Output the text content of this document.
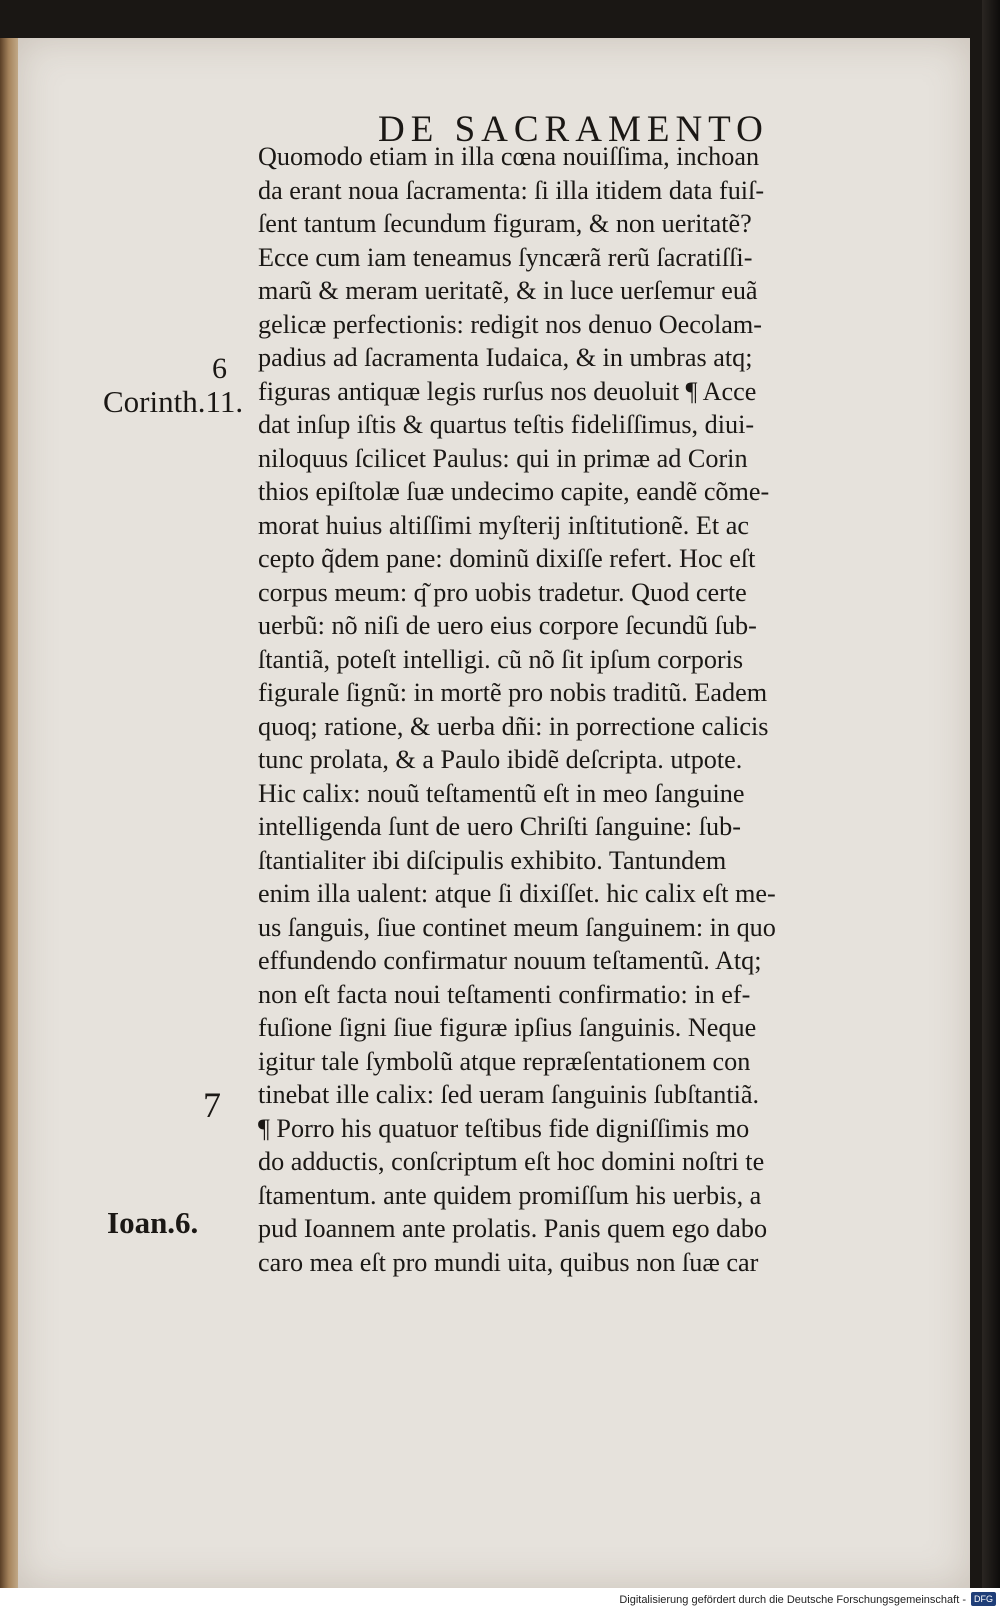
DE SACRAMENTO
Quomodo etiam in illa cœna nouiſſima, inchoan
da erant noua ſacramenta: ſi illa itidem data fuiſ-
ſent tantum ſecundum figuram, & non ueritatẽ?
Ecce cum iam teneamus ſyncærã rerũ ſacratiſſi-
marũ & meram ueritatẽ, & in luce uerſemur euã
gelicæ perfectionis: redigit nos denuo Oecolam-
padius ad ſacramenta Iudaica, & in umbras atq;
figuras antiquæ legis rurſus nos deuoluit ¶ Acce
dat inſup iſtis & quartus teſtis fideliſſimus, diui-
niloquus ſcilicet Paulus: qui in primæ ad Corin
thios epiſtolæ ſuæ undecimo capite, eandẽ cõme-
morat huius altiſſimi myſterij inſtitutionẽ. Et ac
cepto q̃dem pane: dominũ dixiſſe refert. Hoc eſt
corpus meum: q͂ pro uobis tradetur. Quod certe
uerbũ: nõ niſi de uero eius corpore ſecundũ ſub-
ſtantiã, poteſt intelligi. cũ nõ ſit ipſum corporis
figurale ſignũ: in mortẽ pro nobis traditũ. Eadem
quoq; ratione, & uerba dñi: in porrectione calicis
tunc prolata, & a Paulo ibidẽ deſcripta. utpote.
Hic calix: nouũ teſtamentũ eſt in meo ſanguine
intelligenda ſunt de uero Chriſti ſanguine: ſub-
ſtantialiter ibi diſcipulis exhibito. Tantundem
enim illa ualent: atque ſi dixiſſet. hic calix eſt me-
us ſanguis, ſiue continet meum ſanguinem: in quo
effundendo confirmatur nouum teſtamentũ. Atq;
non eſt facta noui teſtamenti confirmatio: in ef-
fuſione ſigni ſiue figuræ ipſius ſanguinis. Neque
igitur tale ſymbolũ atque repræſentationem con
tinebat ille calix: ſed ueram ſanguinis ſubſtantiã.
¶ Porro his quatuor teſtibus fide digniſſimis mo
do adductis, conſcriptum eſt hoc domini noſtri te
ſtamentum. ante quidem promiſſum his uerbis, a
pud Ioannem ante prolatis. Panis quem ego dabo
caro mea eſt pro mundi uita, quibus non ſuæ car
6
Corinth.11.
7
Ioan.6.
Digitalisierung gefördert durch die Deutsche Forschungsgemeinschaft - DFG
